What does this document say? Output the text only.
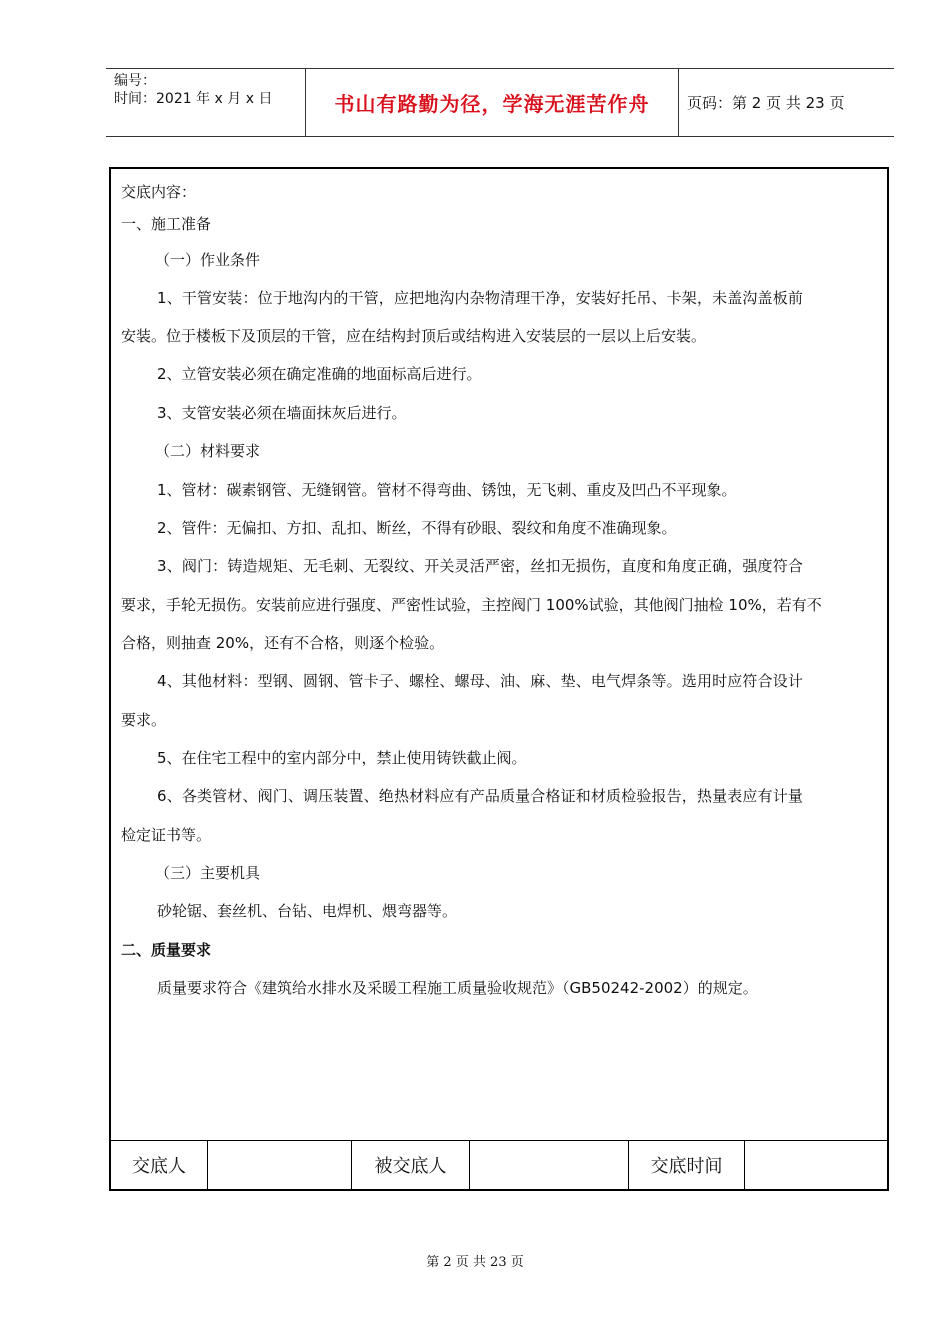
编号：
时间：2021 年 x 月 x 日	书山有路勤为径，学海无涯苦作舟	页码：第 2 页 共 23 页
交底内容：
一、施工准备
（一）作业条件
1、干管安装：位于地沟内的干管，应把地沟内杂物清理干净，安装好托吊、卡架，未盖沟盖板前
安装。位于楼板下及顶层的干管，应在结构封顶后或结构进入安装层的一层以上后安装。
2、立管安装必须在确定准确的地面标高后进行。
3、支管安装必须在墙面抹灰后进行。
（二）材料要求
1、管材：碳素钢管、无缝钢管。管材不得弯曲、锈蚀，无飞刺、重皮及凹凸不平现象。
2、管件：无偏扣、方扣、乱扣、断丝，不得有砂眼、裂纹和角度不准确现象。
3、阀门：铸造规矩、无毛刺、无裂纹、开关灵活严密，丝扣无损伤，直度和角度正确，强度符合
要求，手轮无损伤。安装前应进行强度、严密性试验，主控阀门 100%试验，其他阀门抽检 10%，若有不
合格，则抽查 20%，还有不合格，则逐个检验。
4、其他材料：型钢、圆钢、管卡子、螺栓、螺母、油、麻、垫、电气焊条等。选用时应符合设计
要求。
5、在住宅工程中的室内部分中，禁止使用铸铁截止阀。
6、各类管材、阀门、调压装置、绝热材料应有产品质量合格证和材质检验报告，热量表应有计量
检定证书等。
（三）主要机具
砂轮锯、套丝机、台钻、电焊机、煨弯器等。
二、质量要求
质量要求符合《建筑给水排水及采暖工程施工质量验收规范》（GB50242-2002）的规定。
交底人	被交底人	交底时间
第 2 页 共 23 页
